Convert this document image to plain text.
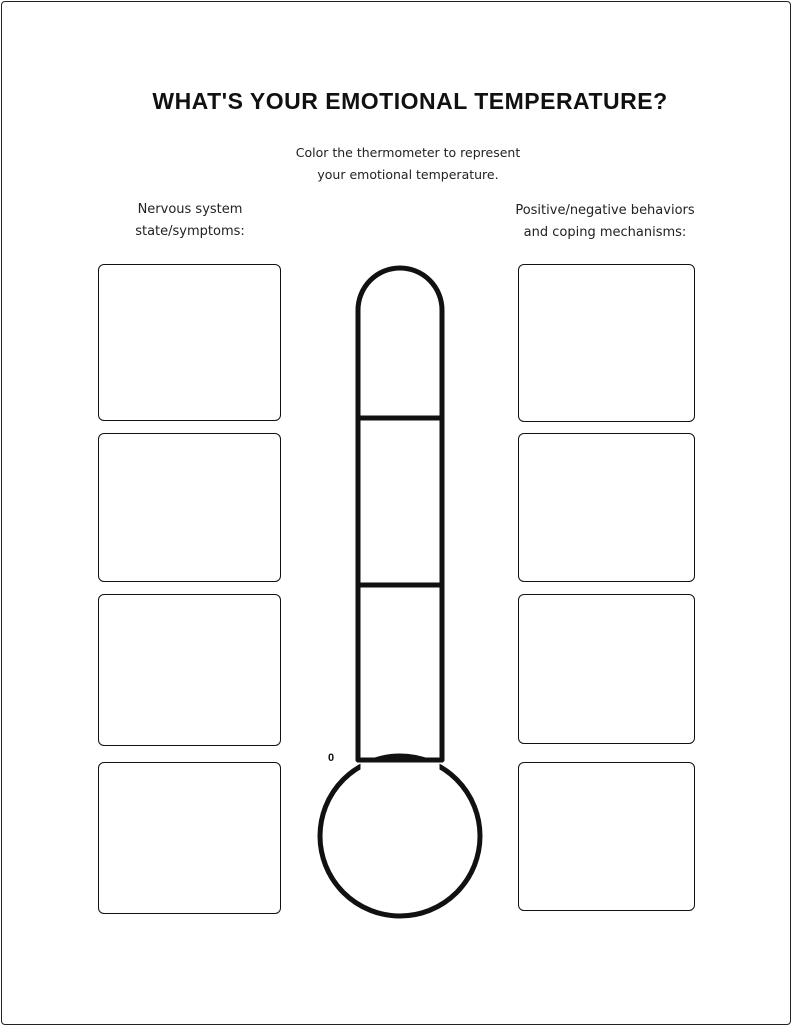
WHAT'S YOUR EMOTIONAL TEMPERATURE?
Color the thermometer to represent
your emotional temperature.
Nervous system
state/symptoms:
Positive/negative behaviors
and coping mechanisms:
0
